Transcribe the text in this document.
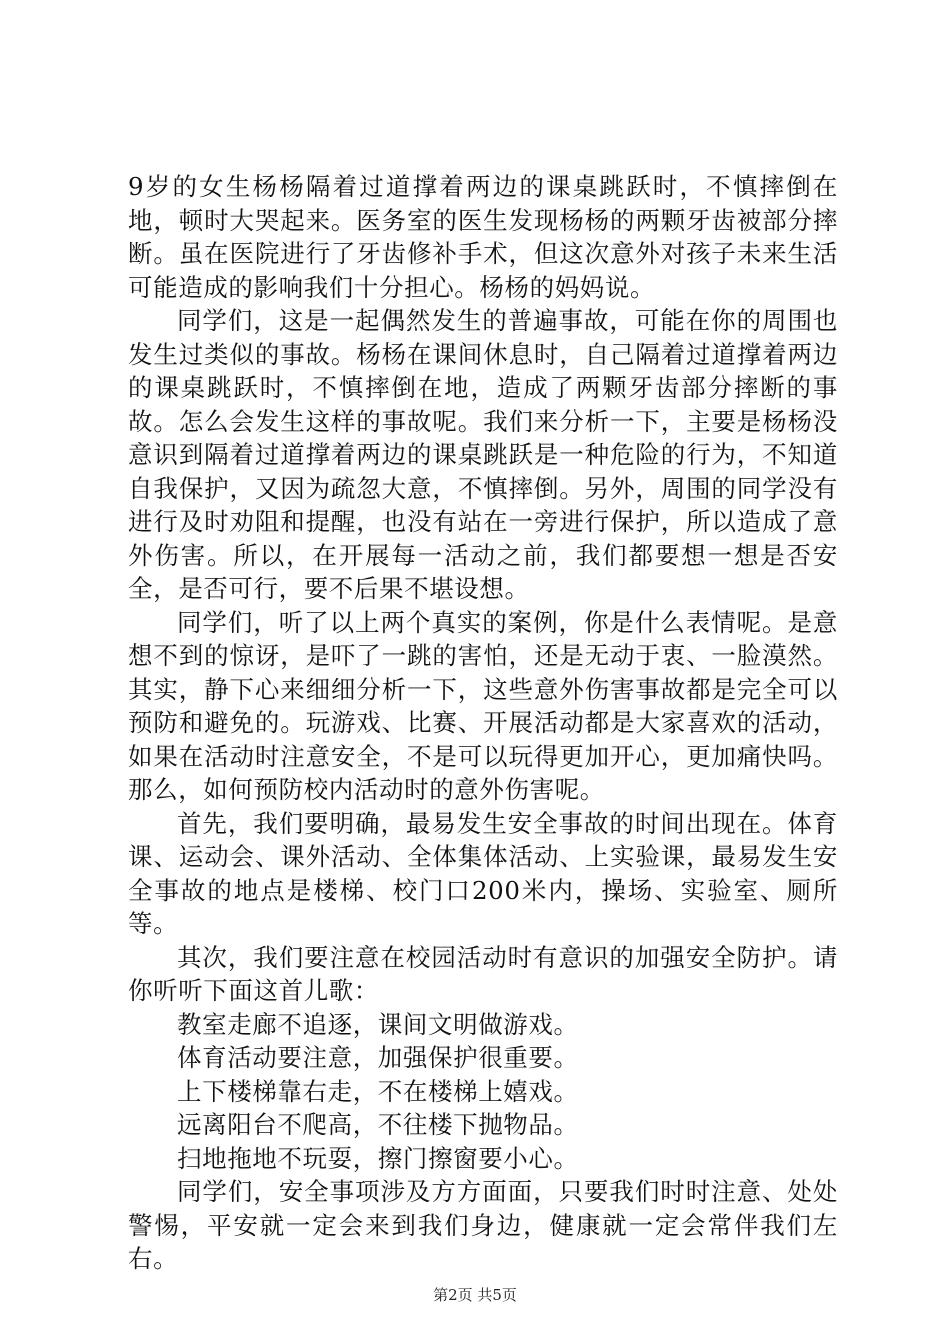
9岁的女生杨杨隔着过道撑着两边的课桌跳跃时，不慎摔倒在地，顿时大哭起来。医务室的医生发现杨杨的两颗牙齿被部分摔断。虽在医院进行了牙齿修补手术，但这次意外对孩子未来生活可能造成的影响我们十分担心。杨杨的妈妈说。

同学们，这是一起偶然发生的普遍事故，可能在你的周围也发生过类似的事故。杨杨在课间休息时，自己隔着过道撑着两边的课桌跳跃时，不慎摔倒在地，造成了两颗牙齿部分摔断的事故。怎么会发生这样的事故呢。我们来分析一下，主要是杨杨没意识到隔着过道撑着两边的课桌跳跃是一种危险的行为，不知道自我保护，又因为疏忽大意，不慎摔倒。另外，周围的同学没有进行及时劝阻和提醒，也没有站在一旁进行保护，所以造成了意外伤害。所以，在开展每一活动之前，我们都要想一想是否安全，是否可行，要不后果不堪设想。

同学们，听了以上两个真实的案例，你是什么表情呢。是意想不到的惊讶，是吓了一跳的害怕，还是无动于衷、一脸漠然。其实，静下心来细细分析一下，这些意外伤害事故都是完全可以预防和避免的。玩游戏、比赛、开展活动都是大家喜欢的活动，如果在活动时注意安全，不是可以玩得更加开心，更加痛快吗。那么，如何预防校内活动时的意外伤害呢。

首先，我们要明确，最易发生安全事故的时间出现在。体育课、运动会、课外活动、全体集体活动、上实验课，最易发生安全事故的地点是楼梯、校门口200米内，操场、实验室、厕所等。

其次，我们要注意在校园活动时有意识的加强安全防护。请你听听下面这首儿歌：

教室走廊不追逐，课间文明做游戏。

体育活动要注意，加强保护很重要。

上下楼梯靠右走，不在楼梯上嬉戏。

远离阳台不爬高，不往楼下抛物品。

扫地拖地不玩耍，擦门擦窗要小心。

同学们，安全事项涉及方方面面，只要我们时时注意、处处警惕，平安就一定会来到我们身边，健康就一定会常伴我们左右。

第2页 共5页
